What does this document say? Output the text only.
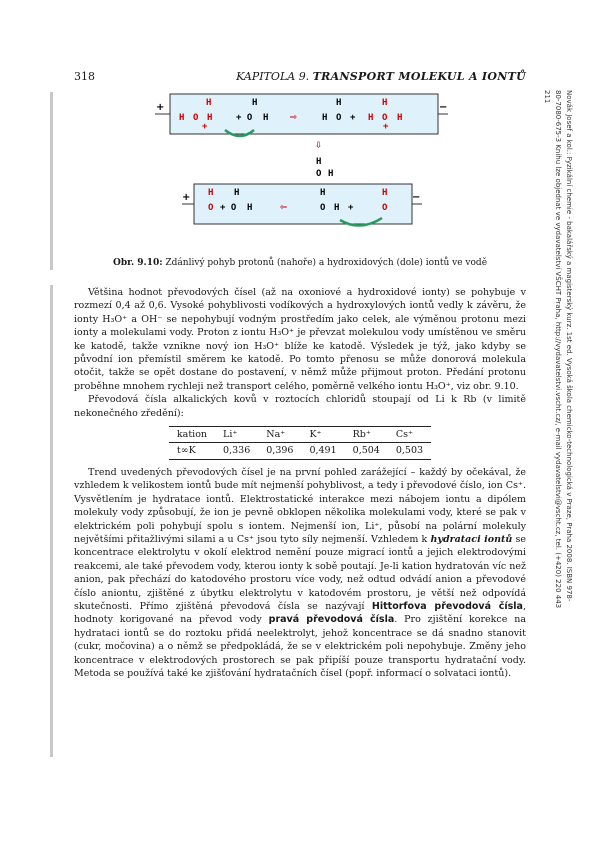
318	KAPITOLA 9. TRANSPORT MOLEKUL A IONTŮ
Novák Josef a kol.: Fyzikální chemie - bakalářský a magisterský kurz. 1st ed. Vysoká škola chemicko-technologická v Praze, Praha 2008. ISBN 978-80-7080-675-3 Knihu lze objednat ve vydavatelství VŠCHT Praha, http://vydavatelstvi.vscht.cz/, e-mail vydavatelstvi@vscht.cz, tel. (+420) 220 443 211
+	−
H
H O H
+
H
+ O H
H
H O +
H
H O H
+
⇨
⇩
H
O H
+	−
H
O + O H
H	H
O H +
H
O
⇦
Obr. 9.10: Zdánlivý pohyb protonů (nahoře) a hydroxidových (dole) iontů ve vodě

Většina hodnot převodových čísel (až na oxoniové a hydroxidové ionty) se pohybuje v rozmezí 0,4 až 0,6. Vysoké pohyblivosti vodíkových a hydroxylových iontů vedly k závěru, že ionty H₃O⁺ a OH⁻ se nepohybují vodným prostředím jako celek, ale výměnou protonu mezi ionty a molekulami vody. Proton z iontu H₃O⁺ je převzat molekulou vody umístěnou ve směru ke katodě, takže vznikne nový ion H₃O⁺ blíže ke katodě. Výsledek je týž, jako kdyby se původní ion přemístil směrem ke katodě. Po tomto přenosu se může donorová molekula otočit, takže se opět dostane do postavení, v němž může přijmout proton. Předání protonu proběhne mnohem rychleji než transport celého, poměrně velkého iontu H₃O⁺, viz obr. 9.10.

Převodová čísla alkalických kovů v roztocích chloridů stoupají od Li k Rb (v limitě nekonečného zředění):

kation	Li⁺	Na⁺	K⁺	Rb⁺	Cs⁺
t∞K	0,336	0,396	0,491	0,504	0,503

Trend uvedených převodových čísel je na první pohled zarážející – každý by očekával, že vzhledem k velikostem iontů bude mít nejmenší pohyblivost, a tedy i převodové číslo, ion Cs⁺. Vysvětlením je hydratace iontů. Elektrostatické interakce mezi nábojem iontu a dipólem molekuly vody způsobují, že ion je pevně obklopen několika molekulami vody, které se pak v elektrickém poli pohybují spolu s iontem. Nejmenší ion, Li⁺, působí na polární molekuly největšími přitažlivými silami a u Cs⁺ jsou tyto síly nejmenší. Vzhledem k hydrataci iontů se koncentrace elektrolytu v okolí elektrod nemění pouze migrací iontů a jejich elektrodovými reakcemi, ale také převodem vody, kterou ionty k sobě poutají. Je-li kation hydratován víc než anion, pak přechází do katodového prostoru více vody, než odtud odvádí anion a převodové číslo aniontu, zjištěné z úbytku elektrolytu v katodovém prostoru, je větší než odpovídá skutečnosti. Přímo zjištěná převodová čísla se nazývají Hittorfova převodová čísla, hodnoty korigované na převod vody pravá převodová čísla. Pro zjištění korekce na hydrataci iontů se do roztoku přidá neelektrolyt, jehož koncentrace se dá snadno stanovit (cukr, močovina) a o němž se předpokládá, že se v elektrickém poli nepohybuje. Změny jeho koncentrace v elektrodových prostorech se pak připíší pouze transportu hydratační vody. Metoda se používá také ke zjišťování hydratačních čísel (popř. informací o solvataci iontů).
